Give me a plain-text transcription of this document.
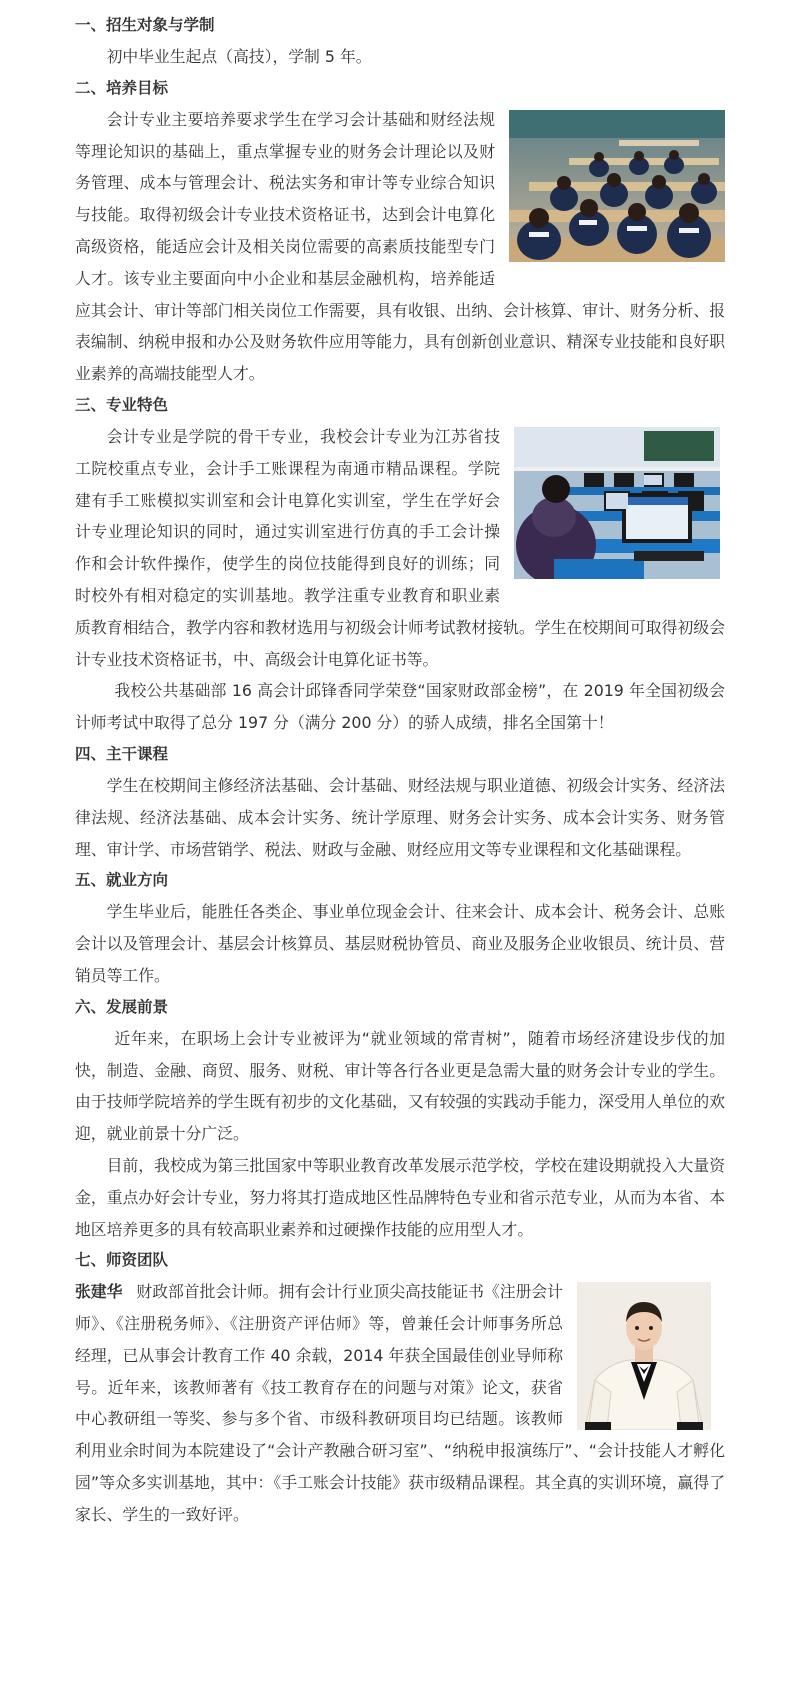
一、招生对象与学制

初中毕业生起点（高技），学制 5 年。

二、培养目标

会计专业主要培养要求学生在学习会计基础和财经法规等理论知识的基础上，重点掌握专业的财务会计理论以及财务管理、成本与管理会计、税法实务和审计等专业综合知识与技能。取得初级会计专业技术资格证书，达到会计电算化高级资格，能适应会计及相关岗位需要的高素质技能型专门人才。该专业主要面向中小企业和基层金融机构，培养能适应其会计、审计等部门相关岗位工作需要，具有收银、出纳、会计核算、审计、财务分析、报表编制、纳税申报和办公及财务软件应用等能力，具有创新创业意识、精深专业技能和良好职业素养的高端技能型人才。

三、专业特色

会计专业是学院的骨干专业，我校会计专业为江苏省技工院校重点专业，会计手工账课程为南通市精品课程。学院建有手工账模拟实训室和会计电算化实训室，学生在学好会计专业理论知识的同时，通过实训室进行仿真的手工会计操作和会计软件操作，使学生的岗位技能得到良好的训练；同时校外有相对稳定的实训基地。教学注重专业教育和职业素质教育相结合，教学内容和教材选用与初级会计师考试教材接轨。学生在校期间可取得初级会计专业技术资格证书，中、高级会计电算化证书等。

我校公共基础部 16 高会计邱锋香同学荣登“国家财政部金榜”，在 2019 年全国初级会计师考试中取得了总分 197 分（满分 200 分）的骄人成绩，排名全国第十！

四、主干课程

学生在校期间主修经济法基础、会计基础、财经法规与职业道德、初级会计实务、经济法律法规、经济法基础、成本会计实务、统计学原理、财务会计实务、成本会计实务、财务管理、审计学、市场营销学、税法、财政与金融、财经应用文等专业课程和文化基础课程。

五、就业方向

学生毕业后，能胜任各类企、事业单位现金会计、往来会计、成本会计、税务会计、总账会计以及管理会计、基层会计核算员、基层财税协管员、商业及服务企业收银员、统计员、营销员等工作。

六、发展前景

近年来，在职场上会计专业被评为“就业领域的常青树”，随着市场经济建设步伐的加快，制造、金融、商贸、服务、财税、审计等各行各业更是急需大量的财务会计专业的学生。由于技师学院培养的学生既有初步的文化基础，又有较强的实践动手能力，深受用人单位的欢迎，就业前景十分广泛。

目前，我校成为第三批国家中等职业教育改革发展示范学校，学校在建设期就投入大量资金，重点办好会计专业，努力将其打造成地区性品牌特色专业和省示范专业，从而为本省、本地区培养更多的具有较高职业素养和过硬操作技能的应用型人才。

七、师资团队

张建华 财政部首批会计师。拥有会计行业顶尖高技能证书《注册会计师》、《注册税务师》、《注册资产评估师》等，曾兼任会计师事务所总经理，已从事会计教育工作 40 余载，2014 年获全国最佳创业导师称号。近年来，该教师著有《技工教育存在的问题与对策》论文，获省中心教研组一等奖、参与多个省、市级科教研项目均已结题。该教师利用业余时间为本院建设了“会计产教融合研习室”、“纳税申报演练厅”、“会计技能人才孵化园”等众多实训基地，其中：《手工账会计技能》获市级精品课程。其全真的实训环境，赢得了家长、学生的一致好评。
